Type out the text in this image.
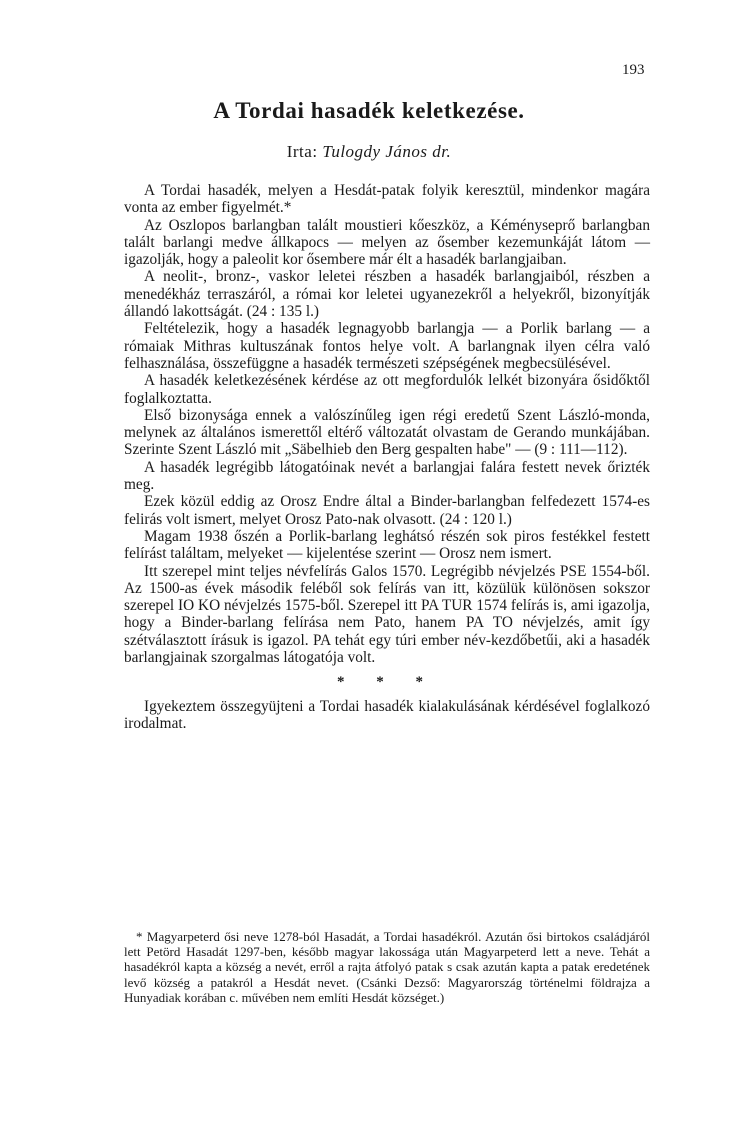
193
A Tordai hasadék keletkezése.
Irta: Tulogdy János dr.

A Tordai hasadék, melyen a Hesdát-patak folyik keresztül, mindenkor magára vonta az ember figyelmét.*

Az Oszlopos barlangban talált moustieri kőeszköz, a Kéményseprő barlangban talált barlangi medve állkapocs — melyen az ősember kezemunkáját látom — igazolják, hogy a paleolit kor ősembere már élt a hasadék barlangjaiban.

A neolit-, bronz-, vaskor leletei részben a hasadék barlangjaiból, részben a menedékház terraszáról, a római kor leletei ugyanezekről a helyekről, bizonyítják állandó lakottságát. (24 : 135 l.)

Feltételezik, hogy a hasadék legnagyobb barlangja — a Porlik barlang — a rómaiak Mithras kultuszának fontos helye volt. A barlangnak ilyen célra való felhasználása, összefüggne a hasadék természeti szépségének megbecsülésével.

A hasadék keletkezésének kérdése az ott megfordulók lelkét bizonyára ősidőktől foglalkoztatta.

Első bizonysága ennek a valószínűleg igen régi eredetű Szent László-monda, melynek az általános ismerettől eltérő változatát olvastam de Gerando munkájában. Szerinte Szent László mit „Säbelhieb den Berg gespalten habe" — (9 : 111—112).

A hasadék legrégibb látogatóinak nevét a barlangjai falára festett nevek őrizték meg.

Ezek közül eddig az Orosz Endre által a Binder-barlangban felfedezett 1574-es felirás volt ismert, melyet Orosz Pato-nak olvasott. (24 : 120 l.)

Magam 1938 őszén a Porlik-barlang leghátsó részén sok piros festékkel festett felírást találtam, melyeket — kijelentése szerint — Orosz nem ismert.

Itt szerepel mint teljes névfelírás Galos 1570. Legrégibb névjelzés PSE 1554-ből. Az 1500-as évek második feléből sok felírás van itt, közülük különösen sokszor szerepel IO KO névjelzés 1575-ből. Szerepel itt PA TUR 1574 felírás is, ami igazolja, hogy a Binder-barlang felírása nem Pato, hanem PA TO névjelzés, amit így szétválasztott írásuk is igazol. PA tehát egy túri ember név-kezdőbetűi, aki a hasadék barlangjainak szorgalmas látogatója volt.

* * *

Igyekeztem összegyüjteni a Tordai hasadék kialakulásának kérdésével foglalkozó irodalmat.

* Magyarpeterd ősi neve 1278-ból Hasadát, a Tordai hasadékról. Azután ősi birtokos családjáról lett Petörd Hasadát 1297-ben, később magyar lakossága után Magyarpeterd lett a neve. Tehát a hasadékról kapta a község a nevét, erről a rajta átfolyó patak s csak azután kapta a patak eredetének levő község a patakról a Hesdát nevet. (Csánki Dezső: Magyarország történelmi földrajza a Hunyadiak korában c. művében nem említi Hesdát községet.)
